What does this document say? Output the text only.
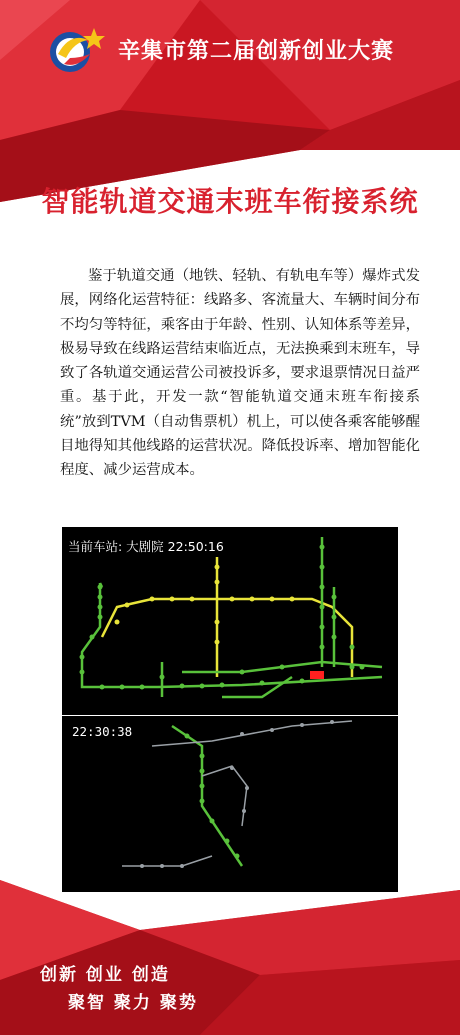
辛集市第二届创新创业大赛
智能轨道交通末班车衔接系统

鉴于轨道交通（地铁、轻轨、有轨电车等）爆炸式发展，网络化运营特征：线路多、客流量大、车辆时间分布不均匀等特征，乘客由于年龄、性别、认知体系等差异，极易导致在线路运营结束临近点，无法换乘到末班车，导致了各轨道交通运营公司被投诉多，要求退票情况日益严重。基于此，开发一款“智能轨道交通末班车衔接系统”放到TVM（自动售票机）机上，可以使各乘客能够醒目地得知其他线路的运营状况。降低投诉率、增加智能化程度、减少运营成本。

当前车站: 大剧院 22:50:16
22:30:38
创新 创业 创造
聚智 聚力 聚势
